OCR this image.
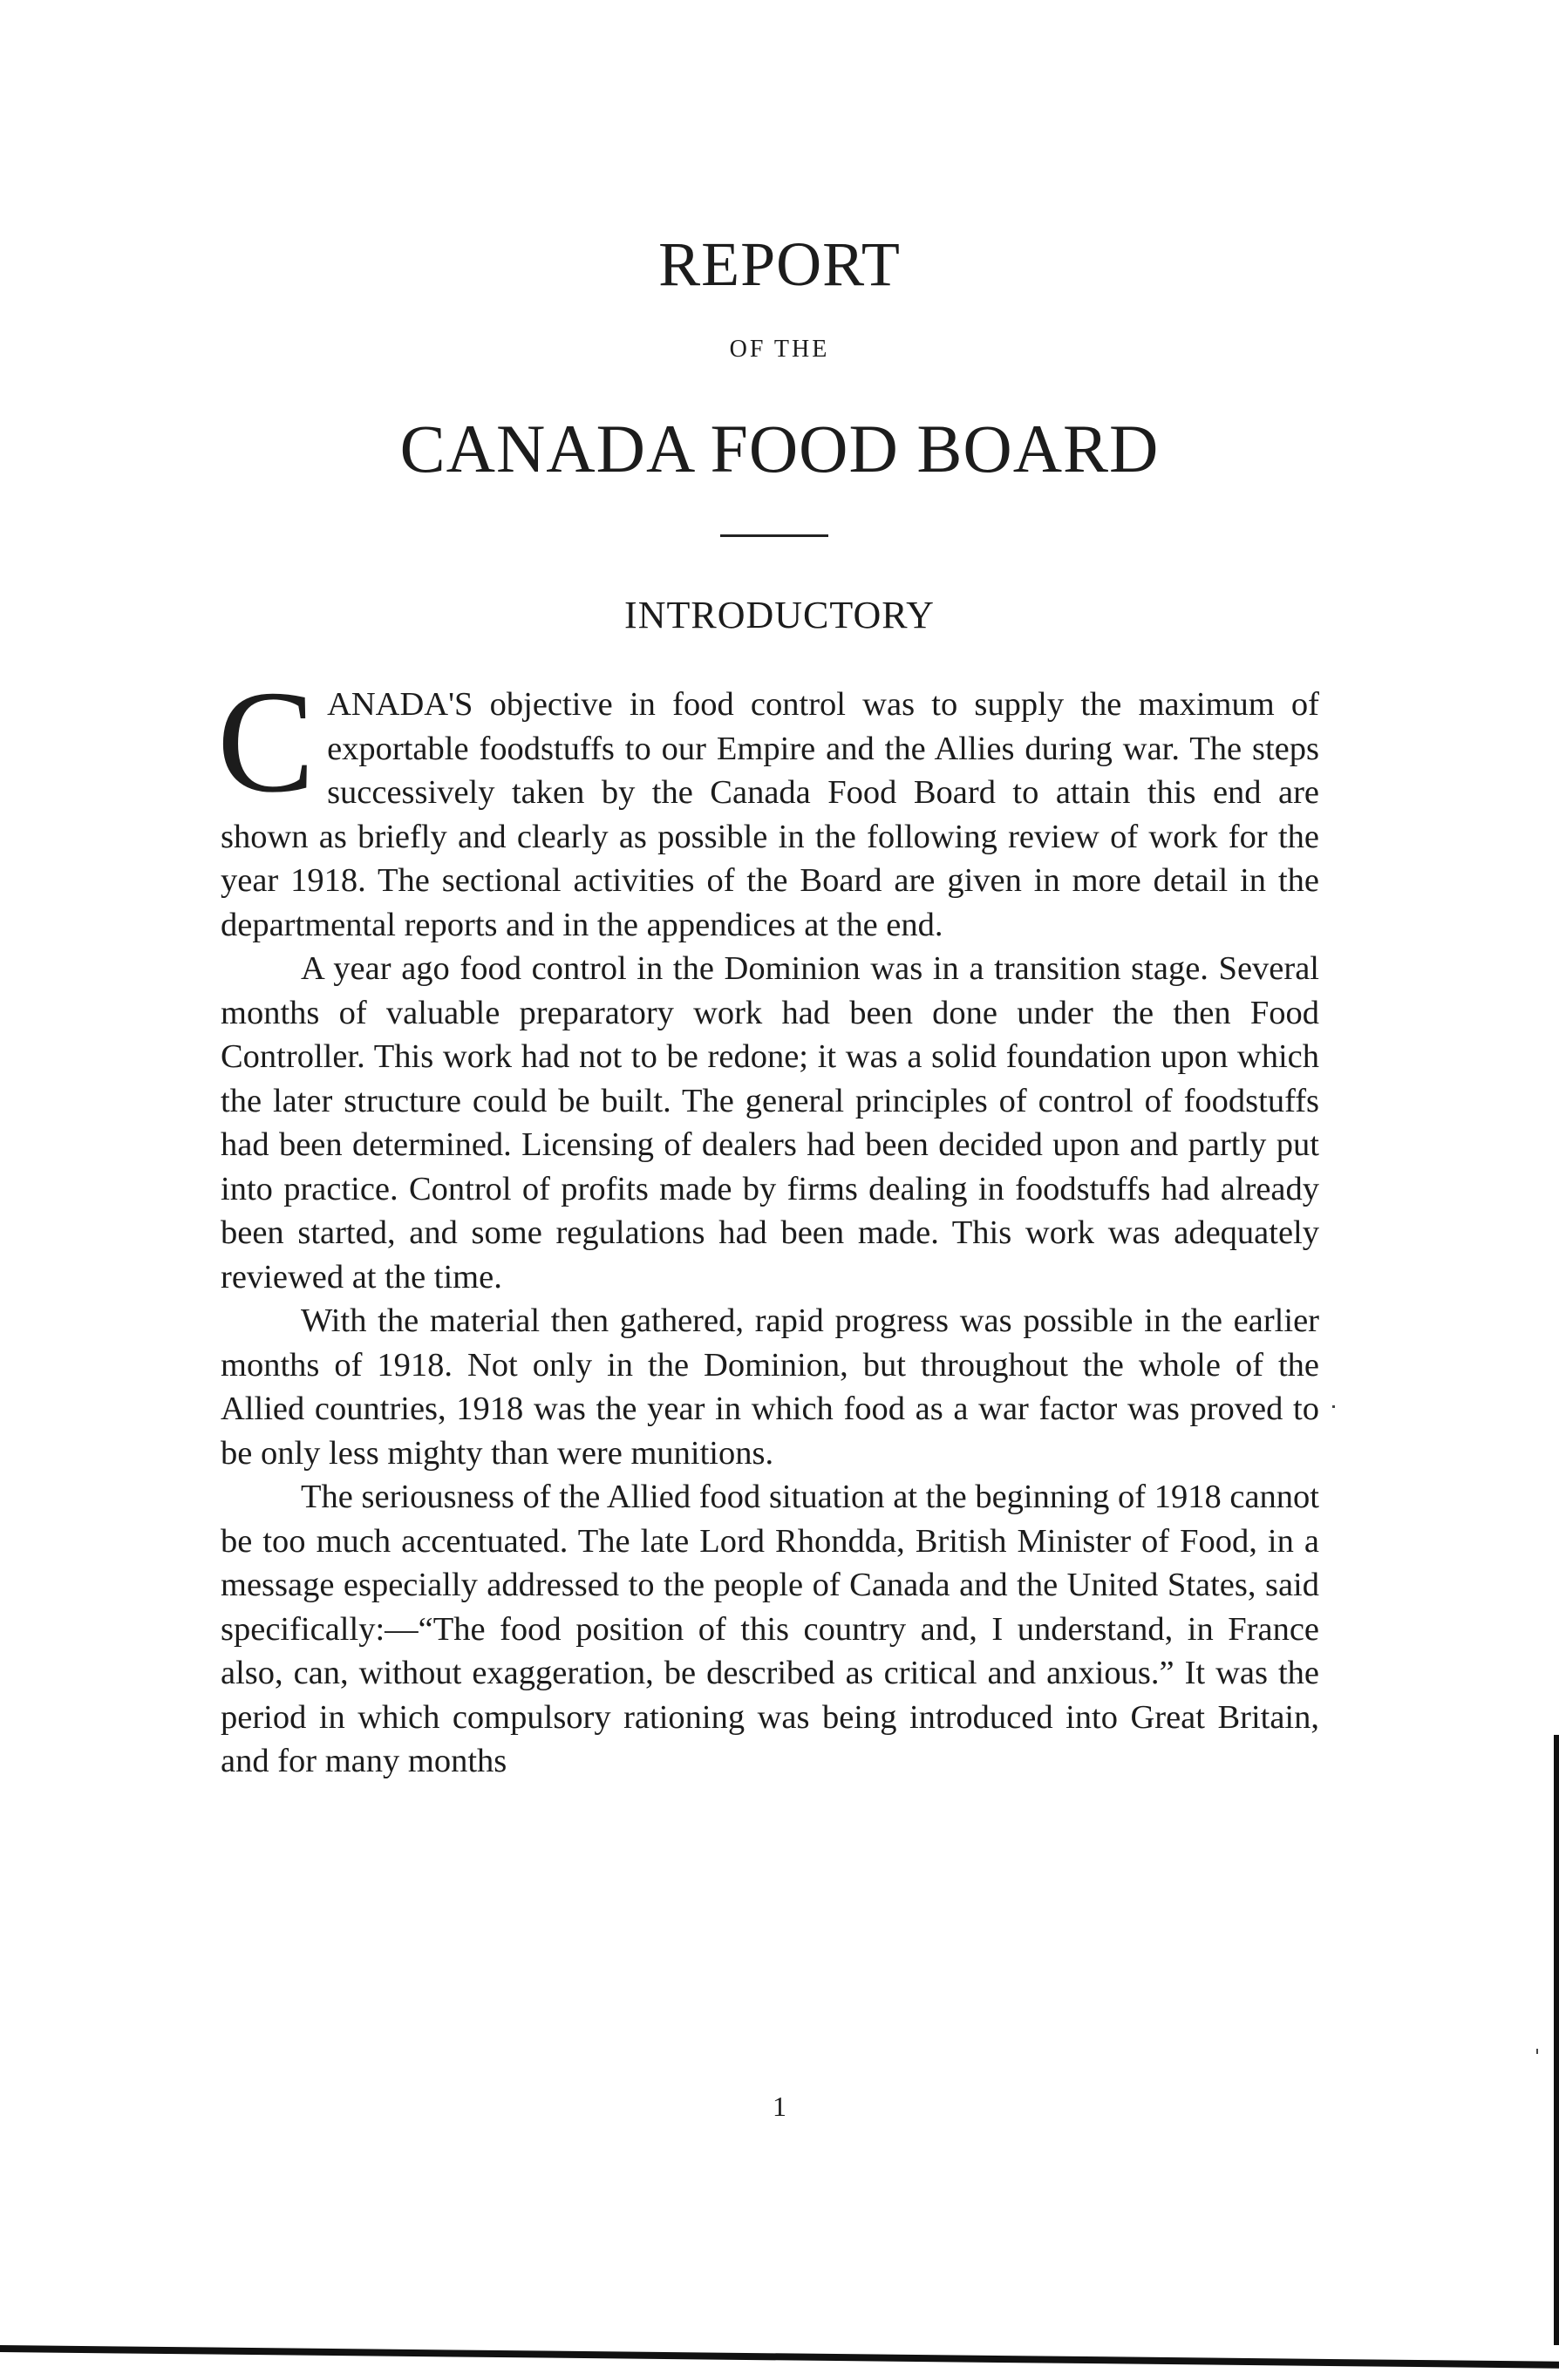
REPORT
OF THE
CANADA FOOD BOARD
INTRODUCTORY

CANADA'S objective in food control was to supply the maximum of exportable foodstuffs to our Empire and the Allies during war. The steps successively taken by the Canada Food Board to attain this end are shown as briefly and clearly as possible in the following review of work for the year 1918. The sectional activities of the Board are given in more detail in the departmental reports and in the appendices at the end.

A year ago food control in the Dominion was in a transition stage. Several months of valuable preparatory work had been done under the then Food Controller. This work had not to be redone; it was a solid foundation upon which the later structure could be built. The general principles of control of foodstuffs had been determined. Licensing of dealers had been decided upon and partly put into practice. Control of profits made by firms dealing in foodstuffs had already been started, and some regulations had been made. This work was adequately reviewed at the time.

With the material then gathered, rapid progress was possible in the earlier months of 1918. Not only in the Dominion, but throughout the whole of the Allied countries, 1918 was the year in which food as a war factor was proved to be only less mighty than were munitions.

The seriousness of the Allied food situation at the beginning of 1918 cannot be too much accentuated. The late Lord Rhondda, British Minister of Food, in a message especially addressed to the people of Canada and the United States, said specifically:—“The food position of this country and, I understand, in France also, can, without exaggeration, be described as critical and anxious.” It was the period in which compulsory rationing was being introduced into Great Britain, and for many months

1
